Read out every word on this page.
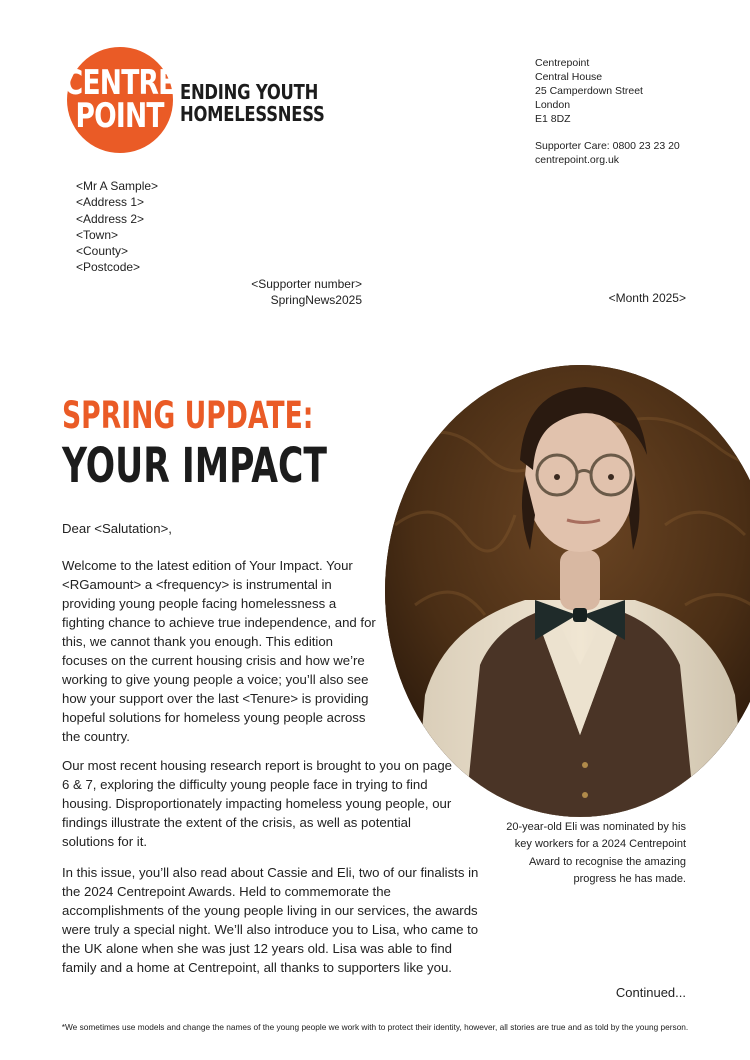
CENTRE
POINT
ENDING YOUTH
HOMELESSNESS
Centrepoint
Central House
25 Camperdown Street
London
E1 8DZ
Supporter Care: 0800 23 23 20
centrepoint.org.uk
<Mr A Sample>
<Address 1>
<Address 2>
<Town>
<County>
<Postcode>
<Supporter number>
SpringNews2025	<Month 2025>
SPRING UPDATE:
YOUR IMPACT
Dear <Salutation>,
Welcome to the latest edition of Your Impact. Your <RGamount> a <frequency> is instrumental in providing young people facing homelessness a fighting chance to achieve true independence, and for this, we cannot thank you enough. This edition focuses on the current housing crisis and how we’re working to give young people a voice; you’ll also see how your support over the last <Tenure> is providing hopeful solutions for homeless young people across the country.
Our most recent housing research report is brought to you on page 6 & 7, exploring the difficulty young people face in trying to find housing. Disproportionately impacting homeless young people, our findings illustrate the extent of the crisis, as well as potential solutions for it.
In this issue, you’ll also read about Cassie and Eli, two of our finalists in the 2024 Centrepoint Awards. Held to commemorate the accomplishments of the young people living in our services, the awards were truly a special night. We’ll also introduce you to Lisa, who came to the UK alone when she was just 12 years old. Lisa was able to find family and a home at Centrepoint, all thanks to supporters like you.
20-year-old Eli was nominated by his key workers for a 2024 Centrepoint Award to recognise the amazing progress he has made.
Continued...
*We sometimes use models and change the names of the young people we work with to protect their identity, however, all stories are true and as told by the young person.
